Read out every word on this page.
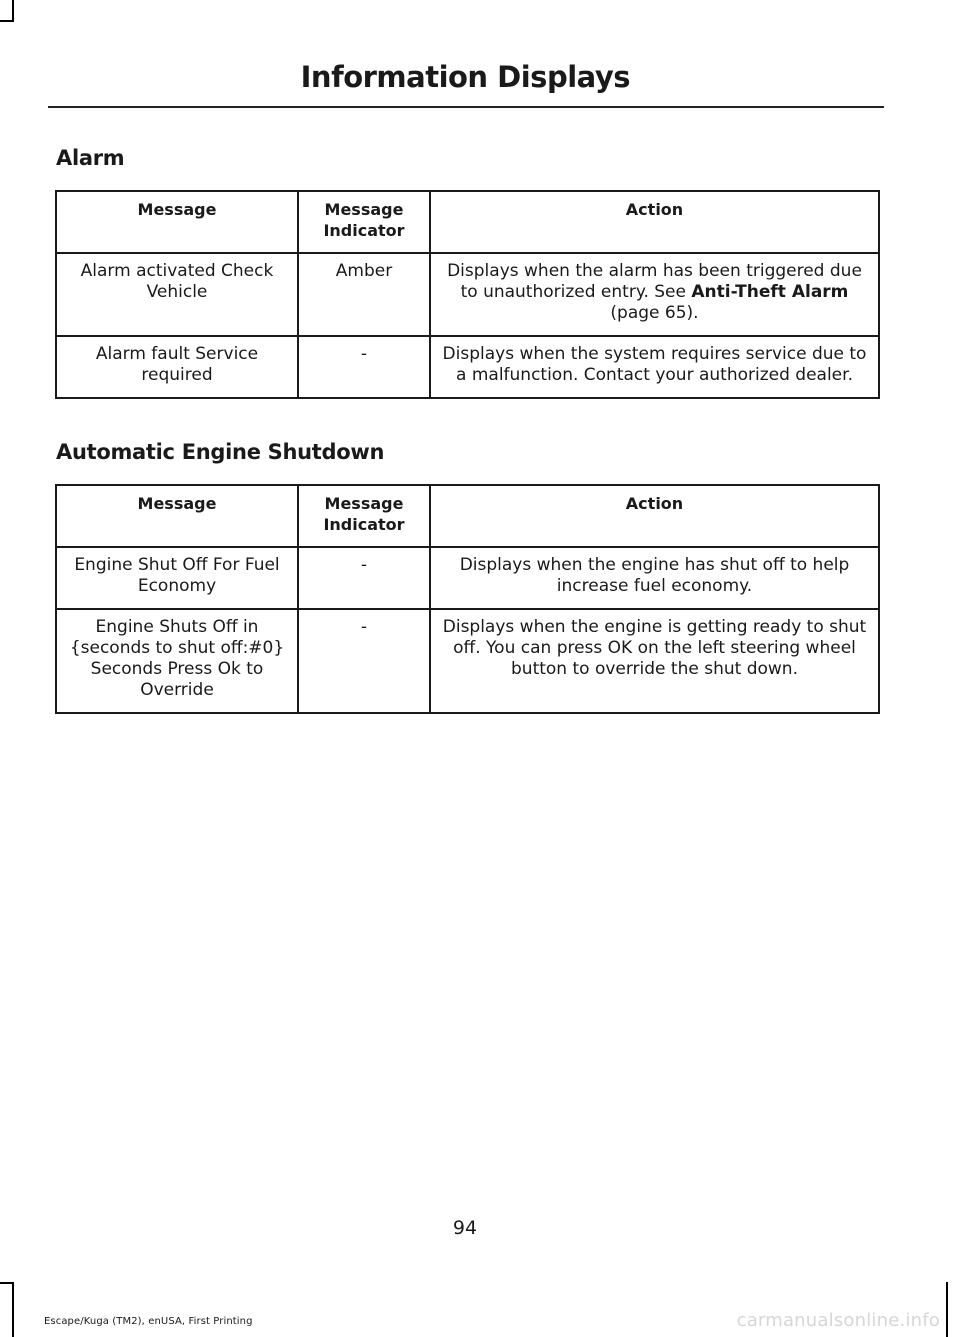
Information Displays
Alarm
Message	Message Indicator	Action
Alarm activated Check Vehicle	Amber	Displays when the alarm has been triggered due to unauthorized entry. See Anti-Theft Alarm (page 65).
Alarm fault Service required	-	Displays when the system requires service due to a malfunction. Contact your authorized dealer.
Automatic Engine Shutdown
Message	Message Indicator	Action
Engine Shut Off For Fuel Economy	-	Displays when the engine has shut off to help increase fuel economy.
Engine Shuts Off in {seconds to shut off:#0} Seconds Press Ok to Override	-	Displays when the engine is getting ready to shut off. You can press OK on the left steering wheel button to override the shut down.
94
Escape/Kuga (TM2), enUSA, First Printing	carmanualsonline.info
